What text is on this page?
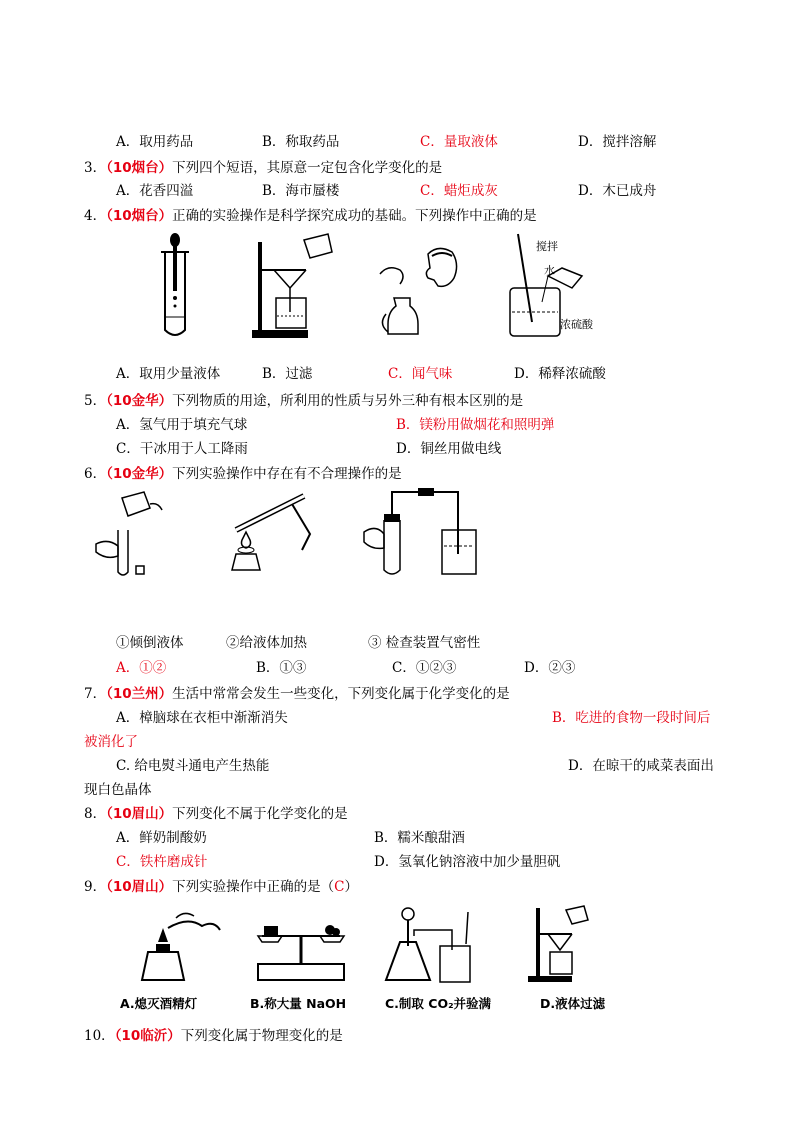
A．取用药品	B．称取药品	C．量取液体	D．搅拌溶解
3．（10烟台）下列四个短语，其原意一定包含化学变化的是
A．花香四溢	B．海市蜃楼	C．蜡炬成灰	D．木已成舟
4．（10烟台）正确的实验操作是科学探究成功的基础。下列操作中正确的是
搅拌
水
浓硫酸
A．取用少量液体	B．过滤	C．闻气味	D．稀释浓硫酸
5．（10金华）下列物质的用途，所利用的性质与另外三种有根本区别的是
A．氢气用于填充气球	B．镁粉用做烟花和照明弹
C．干冰用于人工降雨	D．铜丝用做电线
6．（10金华）下列实验操作中存在有不合理操作的是
①倾倒液体	②给液体加热	③ 检查装置气密性
A．①②	B．①③	C．①②③	D．②③
7．（10兰州）生活中常常会发生一些变化，下列变化属于化学变化的是
A．樟脑球在衣柜中渐渐消失	B．吃进的食物一段时间后
被消化了
C. 给电熨斗通电产生热能	D．在晾干的咸菜表面出
现白色晶体
8．（10眉山）下列变化不属于化学变化的是
A．鲜奶制酸奶	B．糯米酿甜酒
C．铁杵磨成针	D．氢氧化钠溶液中加少量胆矾
9．（10眉山）下列实验操作中正确的是（C）
A.熄灭酒精灯	B.称大量 NaOH	C.制取 CO₂并验满	D.液体过滤
10．（10临沂）下列变化属于物理变化的是
